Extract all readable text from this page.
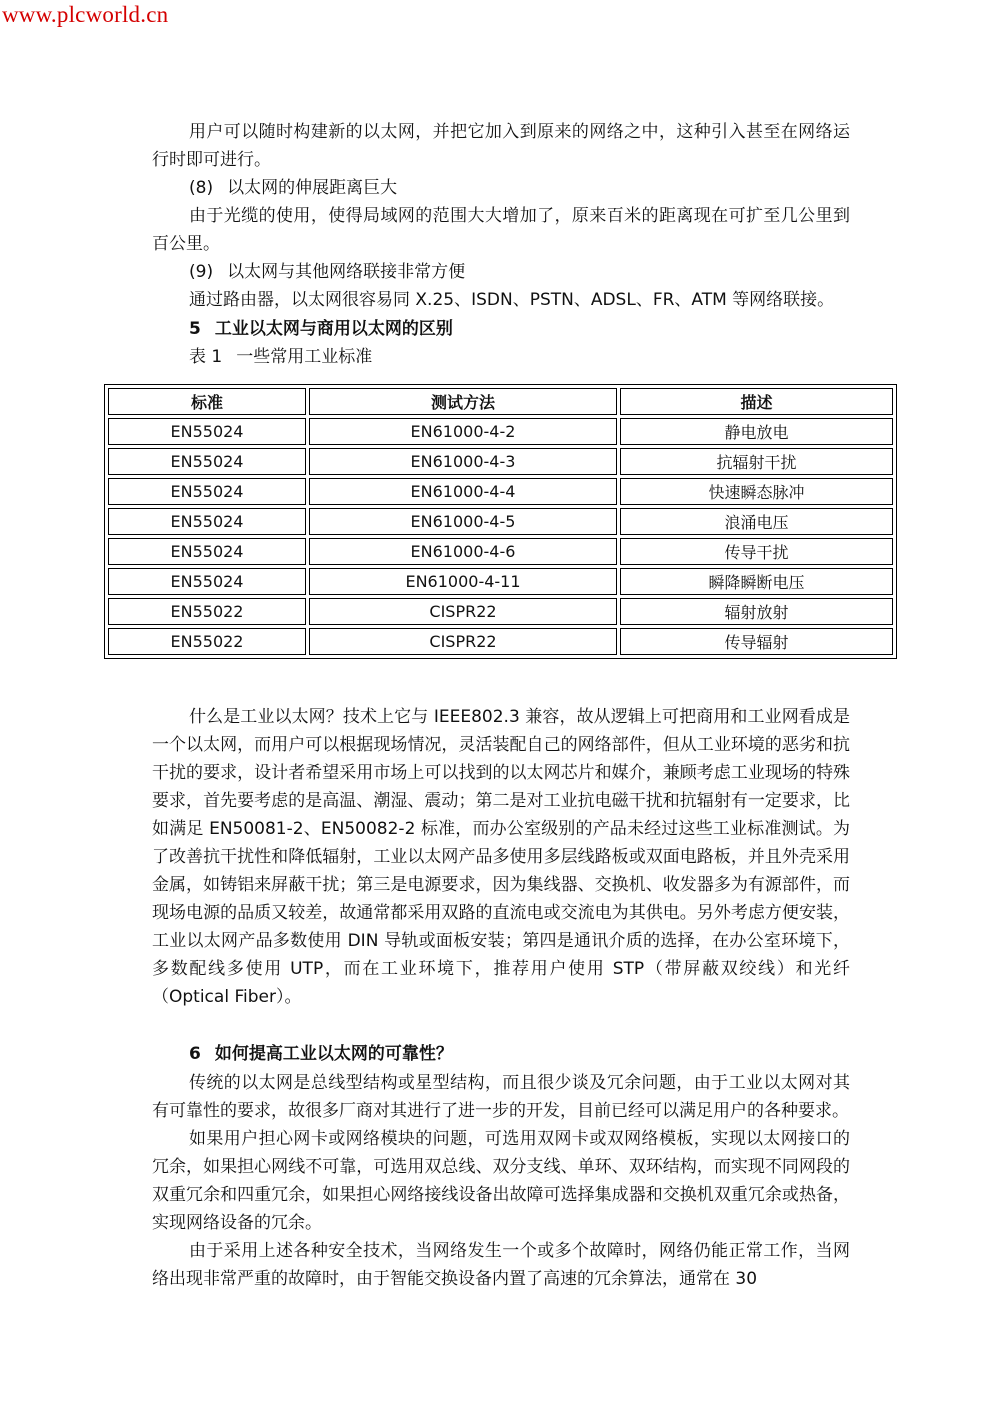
www.plcworld.cn

用户可以随时构建新的以太网，并把它加入到原来的网络之中，这种引入甚至在网络运行时即可进行。

(8) 以太网的伸展距离巨大

由于光缆的使用，使得局域网的范围大大增加了，原来百米的距离现在可扩至几公里到百公里。

(9) 以太网与其他网络联接非常方便

通过路由器，以太网很容易同 X.25、ISDN、PSTN、ADSL、FR、ATM 等网络联接。

5 工业以太网与商用以太网的区别

表 1 一些常用工业标准

标准	测试方法	描述
EN55024	EN61000-4-2	静电放电
EN55024	EN61000-4-3	抗辐射干扰
EN55024	EN61000-4-4	快速瞬态脉冲
EN55024	EN61000-4-5	浪涌电压
EN55024	EN61000-4-6	传导干扰
EN55024	EN61000-4-11	瞬降瞬断电压
EN55022	CISPR22	辐射放射
EN55022	CISPR22	传导辐射

什么是工业以太网？技术上它与 IEEE802.3 兼容，故从逻辑上可把商用和工业网看成是一个以太网，而用户可以根据现场情况，灵活装配自己的网络部件，但从工业环境的恶劣和抗干扰的要求，设计者希望采用市场上可以找到的以太网芯片和媒介，兼顾考虑工业现场的特殊要求，首先要考虑的是高温、潮湿、震动；第二是对工业抗电磁干扰和抗辐射有一定要求，比如满足 EN50081-2、EN50082-2 标准，而办公室级别的产品未经过这些工业标准测试。为了改善抗干扰性和降低辐射，工业以太网产品多使用多层线路板或双面电路板，并且外壳采用金属，如铸铝来屏蔽干扰；第三是电源要求，因为集线器、交换机、收发器多为有源部件，而现场电源的品质又较差，故通常都采用双路的直流电或交流电为其供电。另外考虑方便安装，工业以太网产品多数使用 DIN 导轨或面板安装；第四是通讯介质的选择，在办公室环境下，多数配线多使用 UTP，而在工业环境下，推荐用户使用 STP（带屏蔽双绞线）和光纤（Optical Fiber）。

6 如何提高工业以太网的可靠性？

传统的以太网是总线型结构或星型结构，而且很少谈及冗余问题，由于工业以太网对其有可靠性的要求，故很多厂商对其进行了进一步的开发，目前已经可以满足用户的各种要求。

如果用户担心网卡或网络模块的问题，可选用双网卡或双网络模板，实现以太网接口的冗余，如果担心网线不可靠，可选用双总线、双分支线、单环、双环结构，而实现不同网段的双重冗余和四重冗余，如果担心网络接线设备出故障可选择集成器和交换机双重冗余或热备，实现网络设备的冗余。

由于采用上述各种安全技术，当网络发生一个或多个故障时，网络仍能正常工作，当网络出现非常严重的故障时，由于智能交换设备内置了高速的冗余算法，通常在 30
